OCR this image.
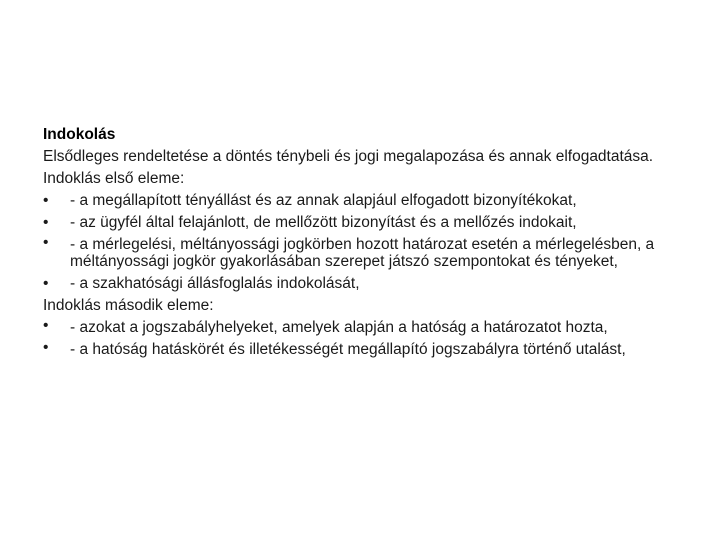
Indokolás

Elsődleges rendeltetése a döntés ténybeli és jogi megalapozása és annak elfogadtatása.

Indoklás első eleme:

•	- a megállapított tényállást és az annak alapjául elfogadott bizonyítékokat,
•	- az ügyfél által felajánlott, de mellőzött bizonyítást és a mellőzés indokait,
•	- a mérlegelési, méltányossági jogkörben hozott határozat esetén a mérlegelésben, a méltányossági jogkör gyakorlásában szerepet játszó szempontokat és tényeket,
•	- a szakhatósági állásfoglalás indokolását,

Indoklás második eleme:

•	- azokat a jogszabályhelyeket, amelyek alapján a hatóság a határozatot hozta,
•	- a hatóság hatáskörét és illetékességét megállapító jogszabályra történő utalást,
